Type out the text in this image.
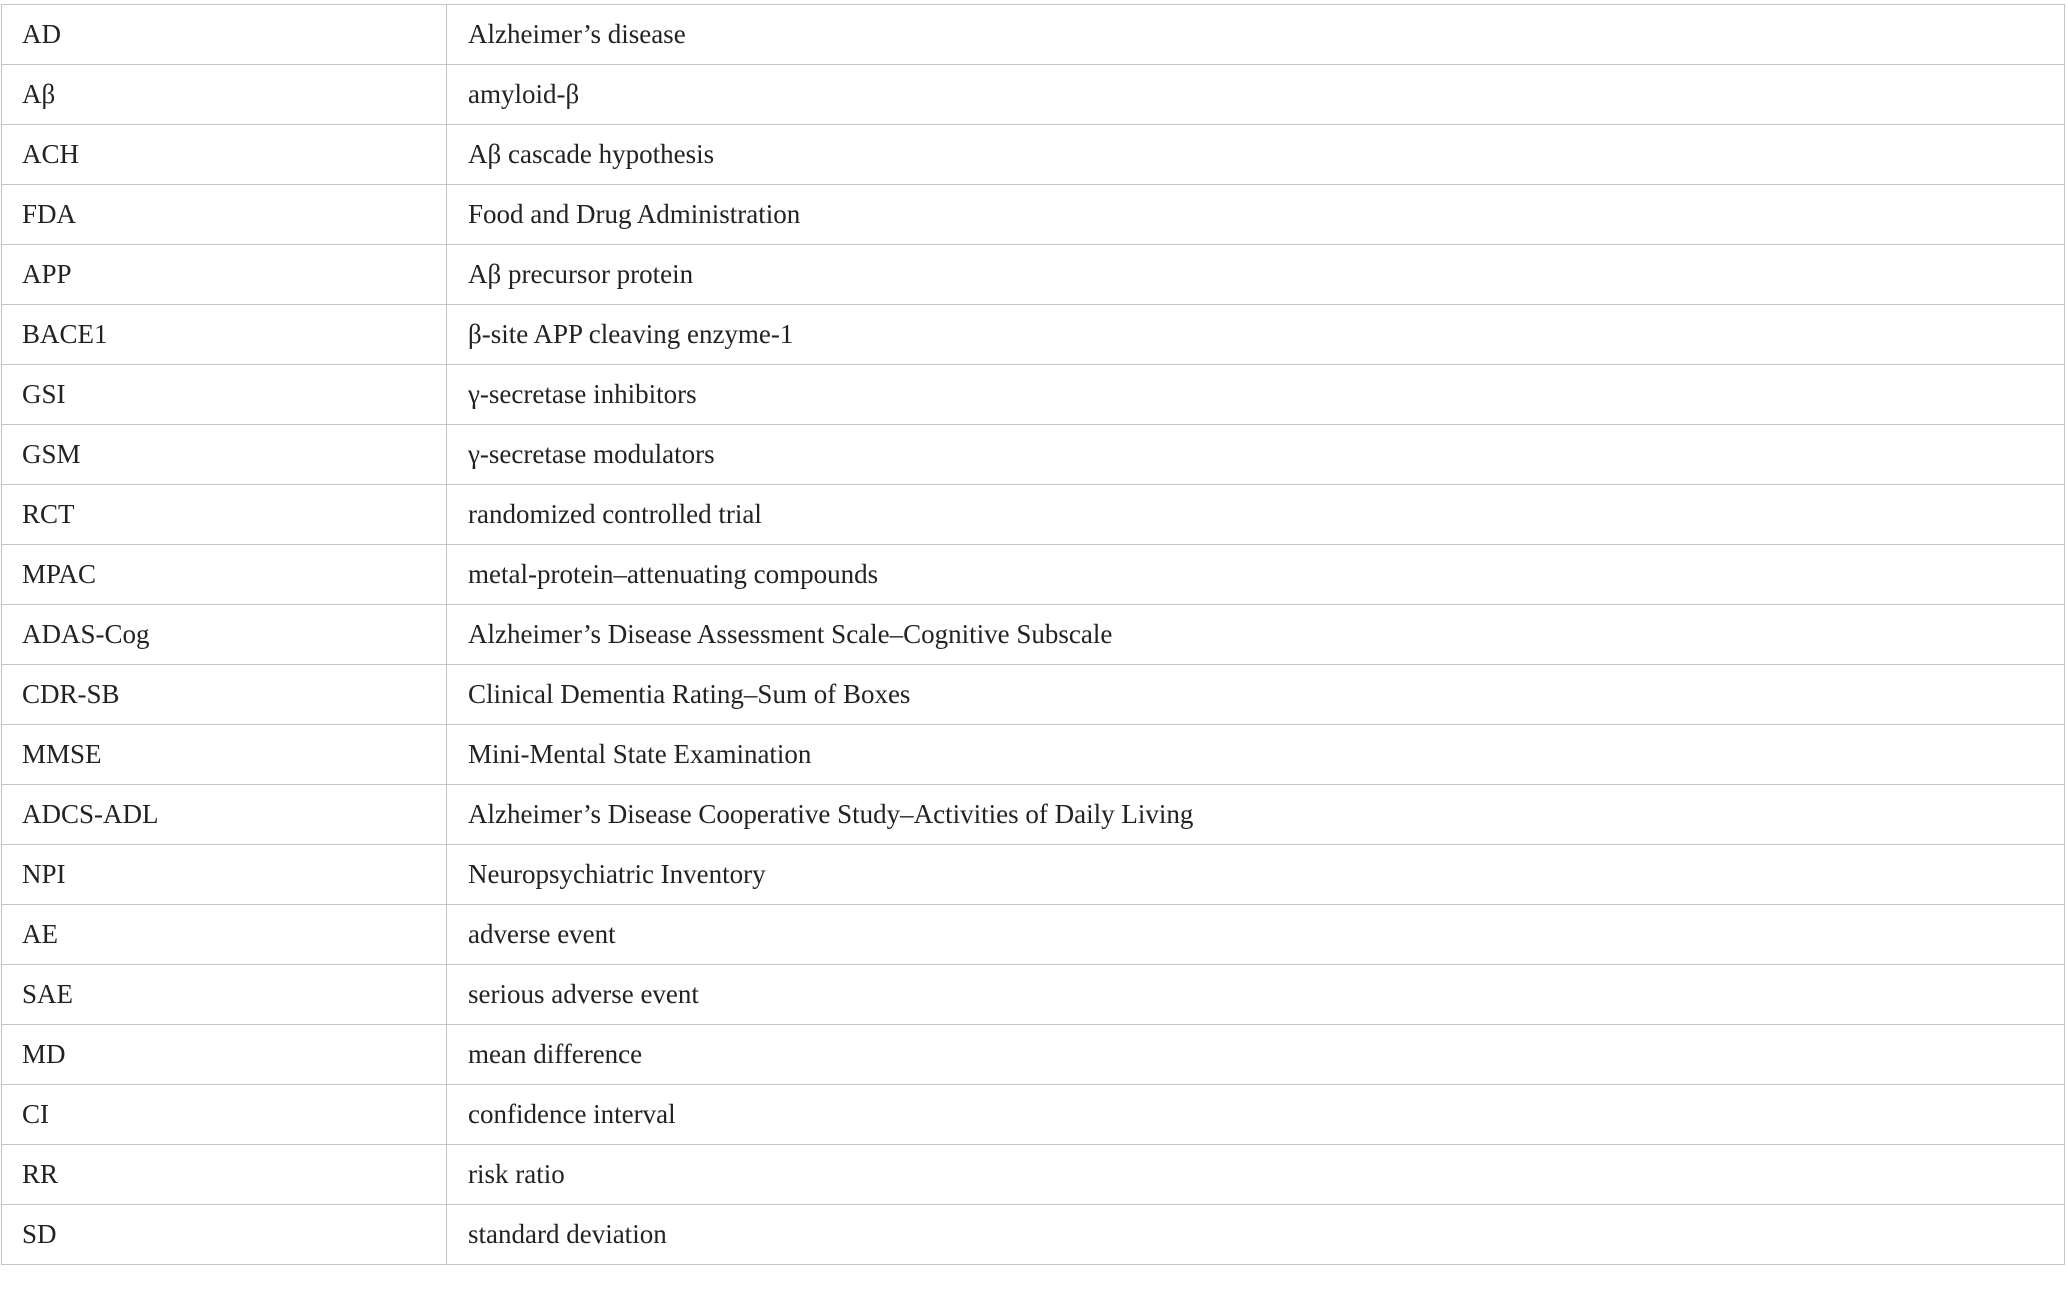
AD	Alzheimer’s disease
Aβ	amyloid-β
ACH	Aβ cascade hypothesis
FDA	Food and Drug Administration
APP	Aβ precursor protein
BACE1	β-site APP cleaving enzyme-1
GSI	γ-secretase inhibitors
GSM	γ-secretase modulators
RCT	randomized controlled trial
MPAC	metal-protein–attenuating compounds
ADAS-Cog	Alzheimer’s Disease Assessment Scale–Cognitive Subscale
CDR-SB	Clinical Dementia Rating–Sum of Boxes
MMSE	Mini-Mental State Examination
ADCS-ADL	Alzheimer’s Disease Cooperative Study–Activities of Daily Living
NPI	Neuropsychiatric Inventory
AE	adverse event
SAE	serious adverse event
MD	mean difference
CI	confidence interval
RR	risk ratio
SD	standard deviation
